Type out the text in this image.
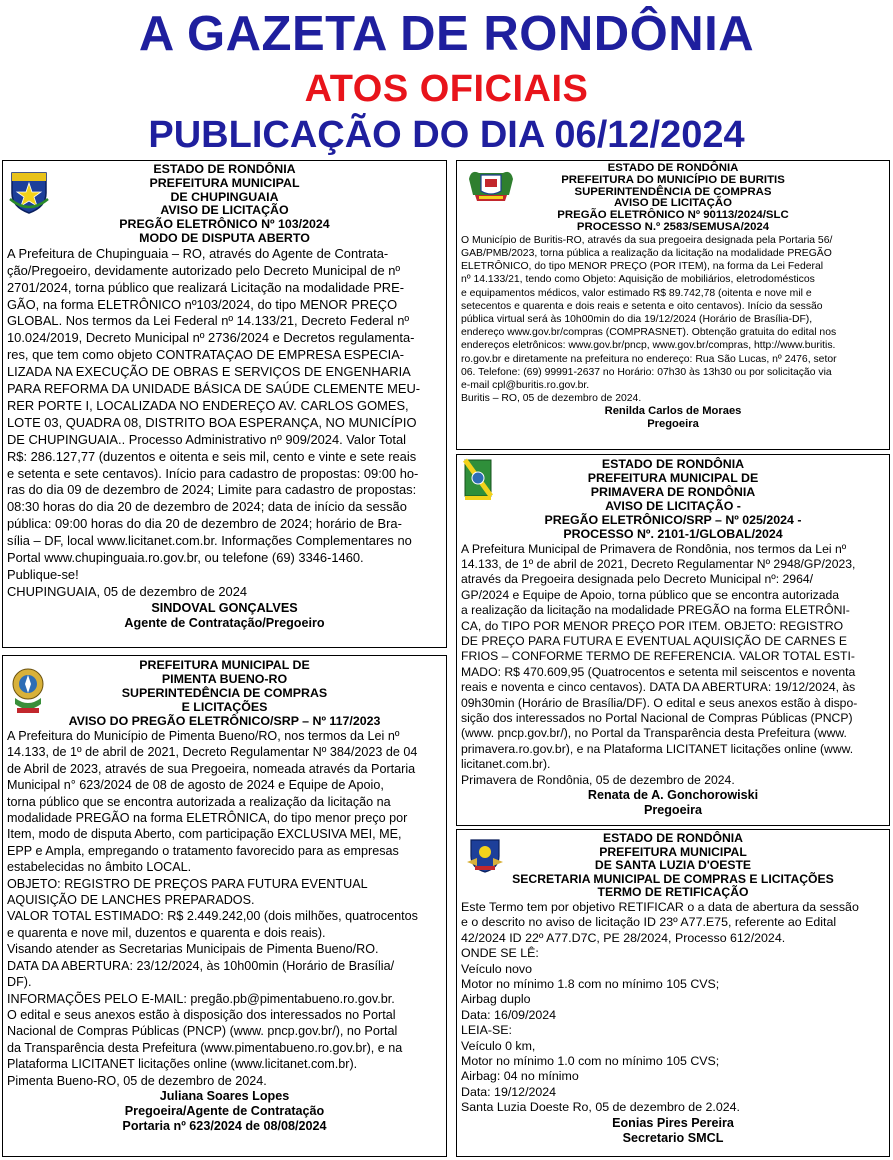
A GAZETA DE RONDÔNIA
ATOS OFICIAIS
PUBLICAÇÃO DO DIA 06/12/2024
ESTADO DE RONDÔNIA
PREFEITURA MUNICIPAL
DE CHUPINGUAIA
AVISO DE LICITAÇÃO
PREGÃO ELETRÔNICO Nº 103/2024
MODO DE DISPUTA ABERTO
A Prefeitura de Chupinguaia – RO, através do Agente de Contrata-
ção/Pregoeiro, devidamente autorizado pelo Decreto Municipal de nº
2701/2024, torna público que realizará Licitação na modalidade PRE-
GÃO, na forma ELETRÔNICO nº103/2024, do tipo MENOR PREÇO
GLOBAL. Nos termos da Lei Federal nº 14.133/21, Decreto Federal nº
10.024/2019, Decreto Municipal nº 2736/2024 e Decretos regulamenta-
res, que tem como objeto CONTRATAÇAO DE EMPRESA ESPECIA-
LIZADA NA EXECUÇÃO DE OBRAS E SERVIÇOS DE ENGENHARIA
PARA REFORMA DA UNIDADE BÁSICA DE SAÚDE CLEMENTE MEU-
RER PORTE I, LOCALIZADA NO ENDEREÇO AV. CARLOS GOMES,
LOTE 03, QUADRA 08, DISTRITO BOA ESPERANÇA, NO MUNICÍPIO
DE CHUPINGUAIA.. Processo Administrativo nº 909/2024. Valor Total
R$: 286.127,77 (duzentos e oitenta e seis mil, cento e vinte e sete reais
e setenta e sete centavos). Início para cadastro de propostas: 09:00 ho-
ras do dia 09 de dezembro de 2024; Limite para cadastro de propostas:
08:30 horas do dia 20 de dezembro de 2024; data de início da sessão
pública: 09:00 horas do dia 20 de dezembro de 2024; horário de Bra-
sília – DF, local www.licitanet.com.br. Informações Complementares no
Portal www.chupinguaia.ro.gov.br, ou telefone (69) 3346-1460.
Publique-se!
CHUPINGUAIA, 05 de dezembro de 2024
SINDOVAL GONÇALVES
Agente de Contratação/Pregoeiro
PREFEITURA MUNICIPAL DE
PIMENTA BUENO-RO
SUPERINTEDÊNCIA DE COMPRAS
E LICITAÇÕES
AVISO DO PREGÃO ELETRÔNICO/SRP – Nº 117/2023
A Prefeitura do Município de Pimenta Bueno/RO, nos termos da Lei nº
14.133, de 1º de abril de 2021, Decreto Regulamentar Nº 384/2023 de 04
de Abril de 2023, através de sua Pregoeira, nomeada através da Portaria
Municipal n° 623/2024 de 08 de agosto de 2024 e Equipe de Apoio,
torna público que se encontra autorizada a realização da licitação na
modalidade PREGÃO na forma ELETRÔNICA, do tipo menor preço por
Item, modo de disputa Aberto, com participação EXCLUSIVA MEI, ME,
EPP e Ampla, empregando o tratamento favorecido para as empresas
estabelecidas no âmbito LOCAL.
OBJETO: REGISTRO DE PREÇOS PARA FUTURA EVENTUAL
AQUISIÇÃO DE LANCHES PREPARADOS.
VALOR TOTAL ESTIMADO: R$ 2.449.242,00 (dois milhões, quatrocentos
e quarenta e nove mil, duzentos e quarenta e dois reais).
Visando atender as Secretarias Municipais de Pimenta Bueno/RO.
DATA DA ABERTURA: 23/12/2024, às 10h00min (Horário de Brasília/
DF).
INFORMAÇÕES PELO E-MAIL: pregão.pb@pimentabueno.ro.gov.br.
O edital e seus anexos estão à disposição dos interessados no Portal
Nacional de Compras Públicas (PNCP) (www. pncp.gov.br/), no Portal
da Transparência desta Prefeitura (www.pimentabueno.ro.gov.br), e na
Plataforma LICITANET licitações online (www.licitanet.com.br).
Pimenta Bueno-RO, 05 de dezembro de 2024.
Juliana Soares Lopes
Pregoeira/Agente de Contratação
Portaria nº 623/2024 de 08/08/2024
ESTADO DE RONDÔNIA
PREFEITURA DO MUNICÍPIO DE BURITIS
SUPERINTENDÊNCIA DE COMPRAS
AVISO DE LICITAÇÃO
PREGÃO ELETRÔNICO Nº 90113/2024/SLC
PROCESSO N.º 2583/SEMUSA/2024
O Município de Buritis-RO, através da sua pregoeira designada pela Portaria 56/
GAB/PMB/2023, torna pública a realização da licitação na modalidade PREGÃO
ELETRÔNICO, do tipo MENOR PREÇO (POR ITEM), na forma da Lei Federal
nº 14.133/21, tendo como Objeto: Aquisição de mobiliários, eletrodomésticos
e equipamentos médicos, valor estimado R$ 89.742,78 (oitenta e nove mil e
setecentos e quarenta e dois reais e setenta e oito centavos). Início da sessão
pública virtual será às 10h00min do dia 19/12/2024 (Horário de Brasília-DF),
endereço www.gov.br/compras (COMPRASNET). Obtenção gratuita do edital nos
endereços eletrônicos: www.gov.br/pncp, www.gov.br/compras, http://www.buritis.
ro.gov.br e diretamente na prefeitura no endereço: Rua São Lucas, nº 2476, setor
06. Telefone: (69) 99991-2637 no Horário: 07h30 às 13h30 ou por solicitação via
e-mail cpl@buritis.ro.gov.br.
Buritis – RO, 05 de dezembro de 2024.
Renilda Carlos de Moraes
Pregoeira
ESTADO DE RONDÔNIA
PREFEITURA MUNICIPAL DE
PRIMAVERA DE RONDÔNIA
AVISO DE LICITAÇÃO -
PREGÃO ELETRÔNICO/SRP – Nº 025/2024 -
PROCESSO Nº. 2101-1/GLOBAL/2024
A Prefeitura Municipal de Primavera de Rondônia, nos termos da Lei nº
14.133, de 1º de abril de 2021, Decreto Regulamentar Nº 2948/GP/2023,
através da Pregoeira designada pelo Decreto Municipal nº: 2964/
GP/2024 e Equipe de Apoio, torna público que se encontra autorizada
a realização da licitação na modalidade PREGÃO na forma ELETRÔNI-
CA, do TIPO POR MENOR PREÇO POR ITEM. OBJETO: REGISTRO
DE PREÇO PARA FUTURA E EVENTUAL AQUISIÇÃO DE CARNES E
FRIOS – CONFORME TERMO DE REFERENCIA. VALOR TOTAL ESTI-
MADO: R$ 470.609,95 (Quatrocentos e setenta mil seiscentos e noventa
reais e noventa e cinco centavos). DATA DA ABERTURA: 19/12/2024, às
09h30min (Horário de Brasília/DF). O edital e seus anexos estão à dispo-
sição dos interessados no Portal Nacional de Compras Públicas (PNCP)
(www. pncp.gov.br/), no Portal da Transparência desta Prefeitura (www.
primavera.ro.gov.br), e na Plataforma LICITANET licitações online (www.
licitanet.com.br).
Primavera de Rondônia, 05 de dezembro de 2024.
Renata de A. Gonchorowiski
Pregoeira
ESTADO DE RONDÔNIA
PREFEITURA MUNICIPAL
DE SANTA LUZIA D'OESTE
SECRETARIA MUNICIPAL DE COMPRAS E LICITAÇÕES
TERMO DE RETIFICAÇÃO
Este Termo tem por objetivo RETIFICAR o a data de abertura da sessão
e o descrito no aviso de licitação ID 23º A77.E75, referente ao Edital
42/2024 ID 22º A77.D7C, PE 28/2024, Processo 612/2024.
ONDE SE LÊ:
Veículo novo
Motor no mínimo 1.8 com no mínimo 105 CVS;
Airbag duplo
Data: 16/09/2024
LEIA-SE:
Veículo 0 km,
Motor no mínimo 1.0 com no mínimo 105 CVS;
Airbag: 04 no mínimo
Data: 19/12/2024
Santa Luzia Doeste Ro, 05 de dezembro de 2.024.
Eonias Pires Pereira
Secretario SMCL
